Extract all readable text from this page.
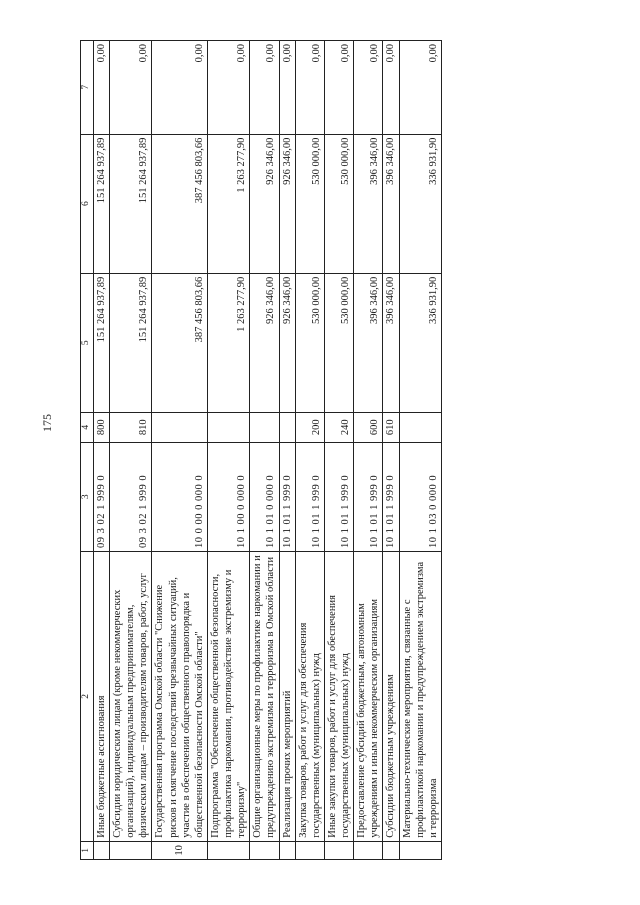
175
1	2	3	4	5	6	7
	Иные бюджетные ассигнования	09 3 02 1 999 0	800	151 264 937,89	151 264 937,89	0,00
	Субсидии юридическим лицам (кроме некоммерческих организаций), индивидуальным предпринимателям, физическим лицам – производителям товаров, работ, услуг	09 3 02 1 999 0	810	151 264 937,89	151 264 937,89	0,00
10	Государственная программа Омской области "Снижение рисков и смягчение последствий чрезвычайных ситуаций, участие в обеспечении общественного правопорядка и общественной безопасности Омской области"	10 0 00 0 000 0		387 456 803,66	387 456 803,66	0,00
	Подпрограмма "Обеспечение общественной безопасности, профилактика наркомании, противодействие экстремизму и терроризму"	10 1 00 0 000 0		1 263 277,90	1 263 277,90	0,00
	Общие организационные меры по профилактике наркомании и предупреждению экстремизма и терроризма в Омской области	10 1 01 0 000 0		926 346,00	926 346,00	0,00
	Реализация прочих мероприятий	10 1 01 1 999 0		926 346,00	926 346,00	0,00
	Закупка товаров, работ и услуг для обеспечения государственных (муниципальных) нужд	10 1 01 1 999 0	200	530 000,00	530 000,00	0,00
	Иные закупки товаров, работ и услуг для обеспечения государственных (муниципальных) нужд	10 1 01 1 999 0	240	530 000,00	530 000,00	0,00
	Предоставление субсидий бюджетным, автономным учреждениям и иным некоммерческим организациям	10 1 01 1 999 0	600	396 346,00	396 346,00	0,00
	Субсидии бюджетным учреждениям	10 1 01 1 999 0	610	396 346,00	396 346,00	0,00
	Материально-технические мероприятия, связанные с профилактикой наркомании и предупреждением экстремизма и терроризма	10 1 03 0 000 0		336 931,90	336 931,90	0,00
